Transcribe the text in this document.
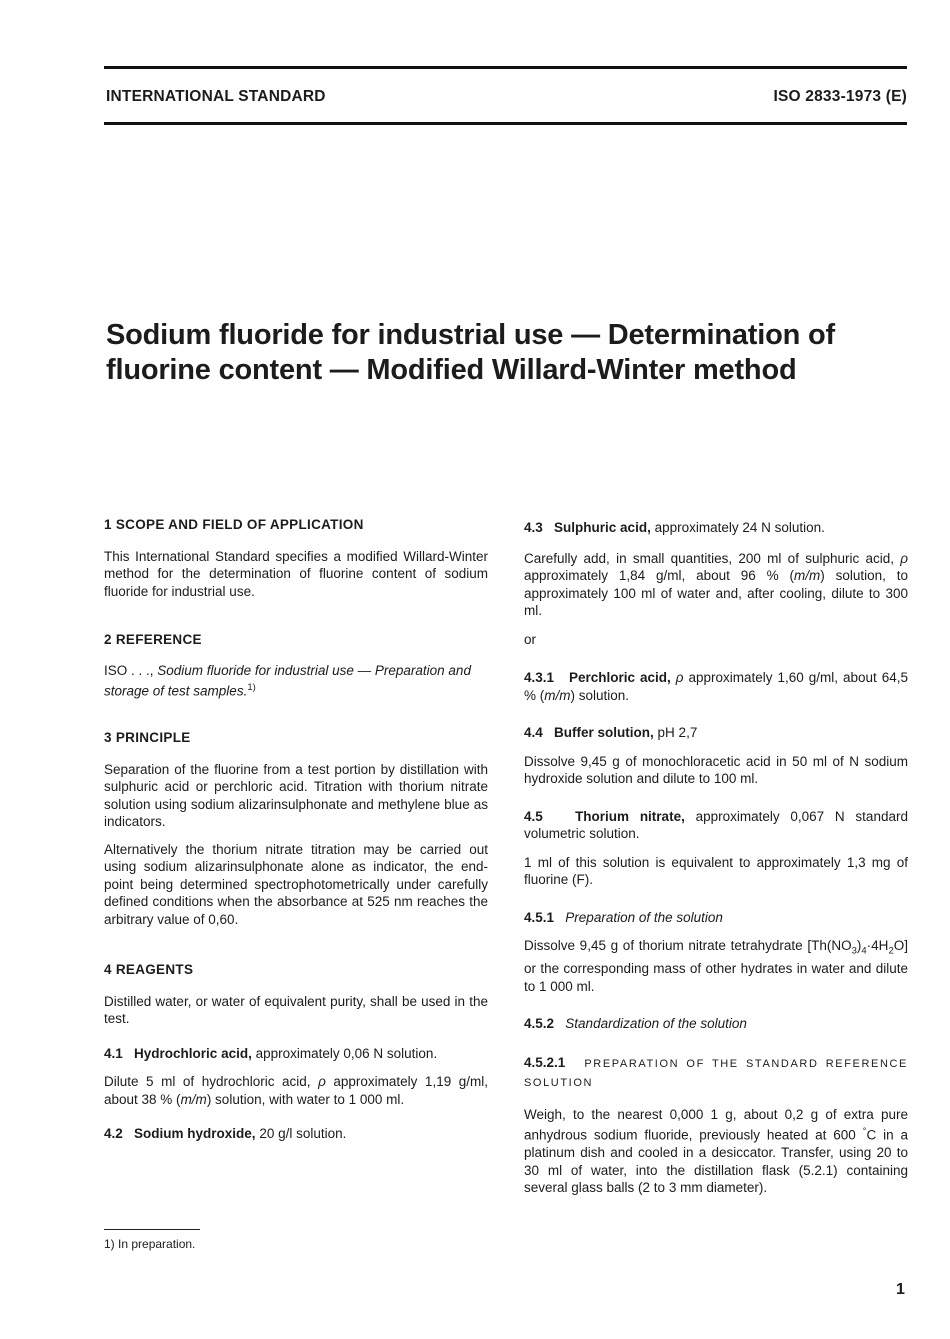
INTERNATIONAL STANDARD	ISO 2833-1973 (E)
Sodium fluoride for industrial use — Determination of
fluorine content — Modified Willard-Winter method
1 SCOPE AND FIELD OF APPLICATION

This International Standard specifies a modified Willard-Winter method for the determination of fluorine content of sodium fluoride for industrial use.

2 REFERENCE

ISO . . ., Sodium fluoride for industrial use — Preparation and storage of test samples.$^{1)}$

3 PRINCIPLE

Separation of the fluorine from a test portion by distillation with sulphuric acid or perchloric acid. Titration with thorium nitrate solution using sodium alizarinsulphonate and methylene blue as indicators.

Alternatively the thorium nitrate titration may be carried out using sodium alizarinsulphonate alone as indicator, the end-point being determined spectrophotometrically under carefully defined conditions when the absorbance at 525 nm reaches the arbitrary value of 0,60.

4 REAGENTS

Distilled water, or water of equivalent purity, shall be used in the test.

4.1 Hydrochloric acid, approximately 0,06 N solution.

Dilute 5 ml of hydrochloric acid, ρ approximately 1,19 g/ml, about 38 % (m/m) solution, with water to 1 000 ml.

4.2 Sodium hydroxide, 20 g/l solution.

4.3 Sulphuric acid, approximately 24 N solution.

Carefully add, in small quantities, 200 ml of sulphuric acid, ρ approximately 1,84 g/ml, about 96 % (m/m) solution, to approximately 100 ml of water and, after cooling, dilute to 300 ml.

or

4.3.1 Perchloric acid, ρ approximately 1,60 g/ml, about 64,5 % (m/m) solution.

4.4 Buffer solution, pH 2,7

Dissolve 9,45 g of monochloracetic acid in 50 ml of N sodium hydroxide solution and dilute to 100 ml.

4.5 Thorium nitrate, approximately 0,067 N standard volumetric solution.

1 ml of this solution is equivalent to approximately 1,3 mg of fluorine (F).

4.5.1 Preparation of the solution

Dissolve 9,45 g of thorium nitrate tetrahydrate $[Th(NO_3)_4\cdot 4H_2O]$ or the corresponding mass of other hydrates in water and dilute to 1 000 ml.

4.5.2 Standardization of the solution

4.5.2.1 PREPARATION OF THE STANDARD REFERENCE SOLUTION

Weigh, to the nearest 0,000 1 g, about 0,2 g of extra pure anhydrous sodium fluoride, previously heated at 600 °C in a platinum dish and cooled in a desiccator. Transfer, using 20 to 30 ml of water, into the distillation flask (5.2.1) containing several glass balls (2 to 3 mm diameter).

1) In preparation.
1
